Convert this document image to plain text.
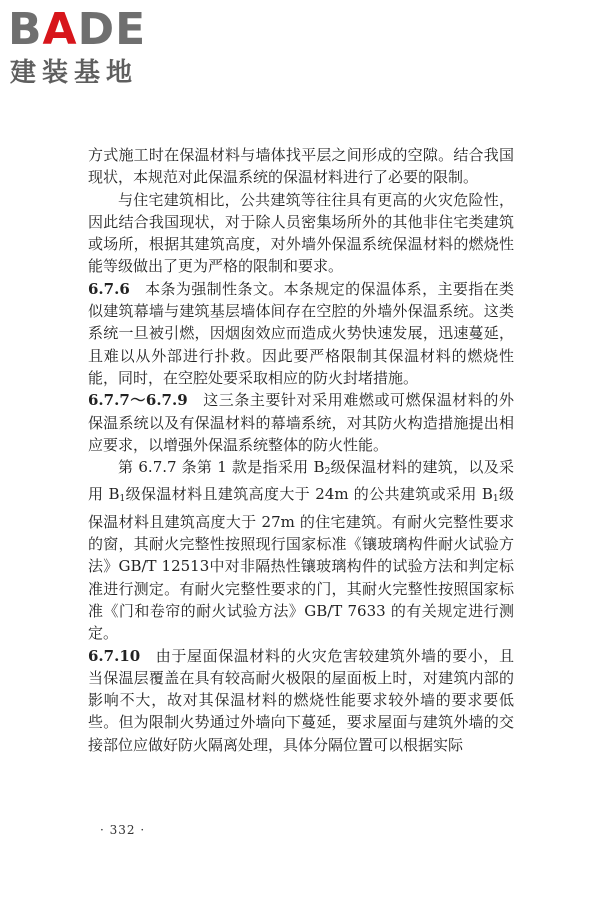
BADE
建装基地

方式施工时在保温材料与墙体找平层之间形成的空隙。结合我国现状，本规范对此保温系统的保温材料进行了必要的限制。

与住宅建筑相比，公共建筑等往往具有更高的火灾危险性，因此结合我国现状，对于除人员密集场所外的其他非住宅类建筑或场所，根据其建筑高度，对外墙外保温系统保温材料的燃烧性能等级做出了更为严格的限制和要求。

6.7.6 本条为强制性条文。本条规定的保温体系，主要指在类似建筑幕墙与建筑基层墙体间存在空腔的外墙外保温系统。这类系统一旦被引燃，因烟囱效应而造成火势快速发展，迅速蔓延，且难以从外部进行扑救。因此要严格限制其保温材料的燃烧性能，同时，在空腔处要采取相应的防火封堵措施。

6.7.7～6.7.9 这三条主要针对采用难燃或可燃保温材料的外保温系统以及有保温材料的幕墙系统，对其防火构造措施提出相应要求，以增强外保温系统整体的防火性能。

第 6.7.7 条第 1 款是指采用 $B_2$级保温材料的建筑，以及采用 $B_1$级保温材料且建筑高度大于 24m 的公共建筑或采用 $B_1$级保温材料且建筑高度大于 27m 的住宅建筑。有耐火完整性要求的窗，其耐火完整性按照现行国家标准《镶玻璃构件耐火试验方法》GB/T 12513中对非隔热性镶玻璃构件的试验方法和判定标准进行测定。有耐火完整性要求的门，其耐火完整性按照国家标准《门和卷帘的耐火试验方法》GB/T 7633 的有关规定进行测定。

6.7.10 由于屋面保温材料的火灾危害较建筑外墙的要小，且当保温层覆盖在具有较高耐火极限的屋面板上时，对建筑内部的影响不大，故对其保温材料的燃烧性能要求较外墙的要求要低些。但为限制火势通过外墙向下蔓延，要求屋面与建筑外墙的交接部位应做好防火隔离处理，具体分隔位置可以根据实际

· 332 ·
